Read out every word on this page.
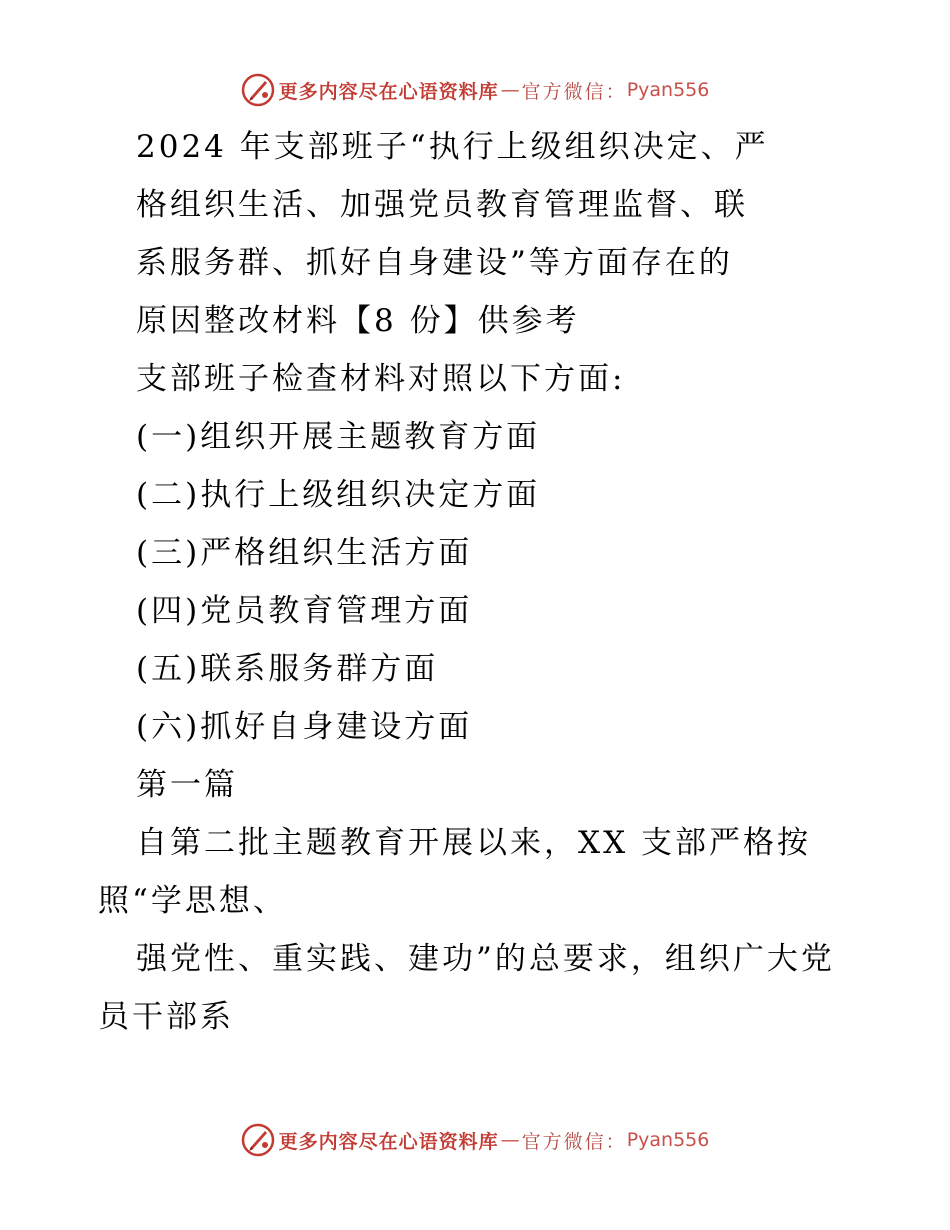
更多内容尽在心语资料库 — 官方微信： Pyan556
2024 年支部班子“执行上级组织决定、严
格组织生活、加强党员教育管理监督、联
系服务群、抓好自身建设”等方面存在的
原因整改材料【8 份】供参考
支部班子检查材料对照以下方面:
(一)组织开展主题教育方面
(二)执行上级组织决定方面
(三)严格组织生活方面
(四)党员教育管理方面
(五)联系服务群方面
(六)抓好自身建设方面
第一篇
自第二批主题教育开展以来，XX 支部严格按
照“学思想、
强党性、重实践、建功”的总要求，组织广大党
员干部系
更多内容尽在心语资料库 — 官方微信： Pyan556
